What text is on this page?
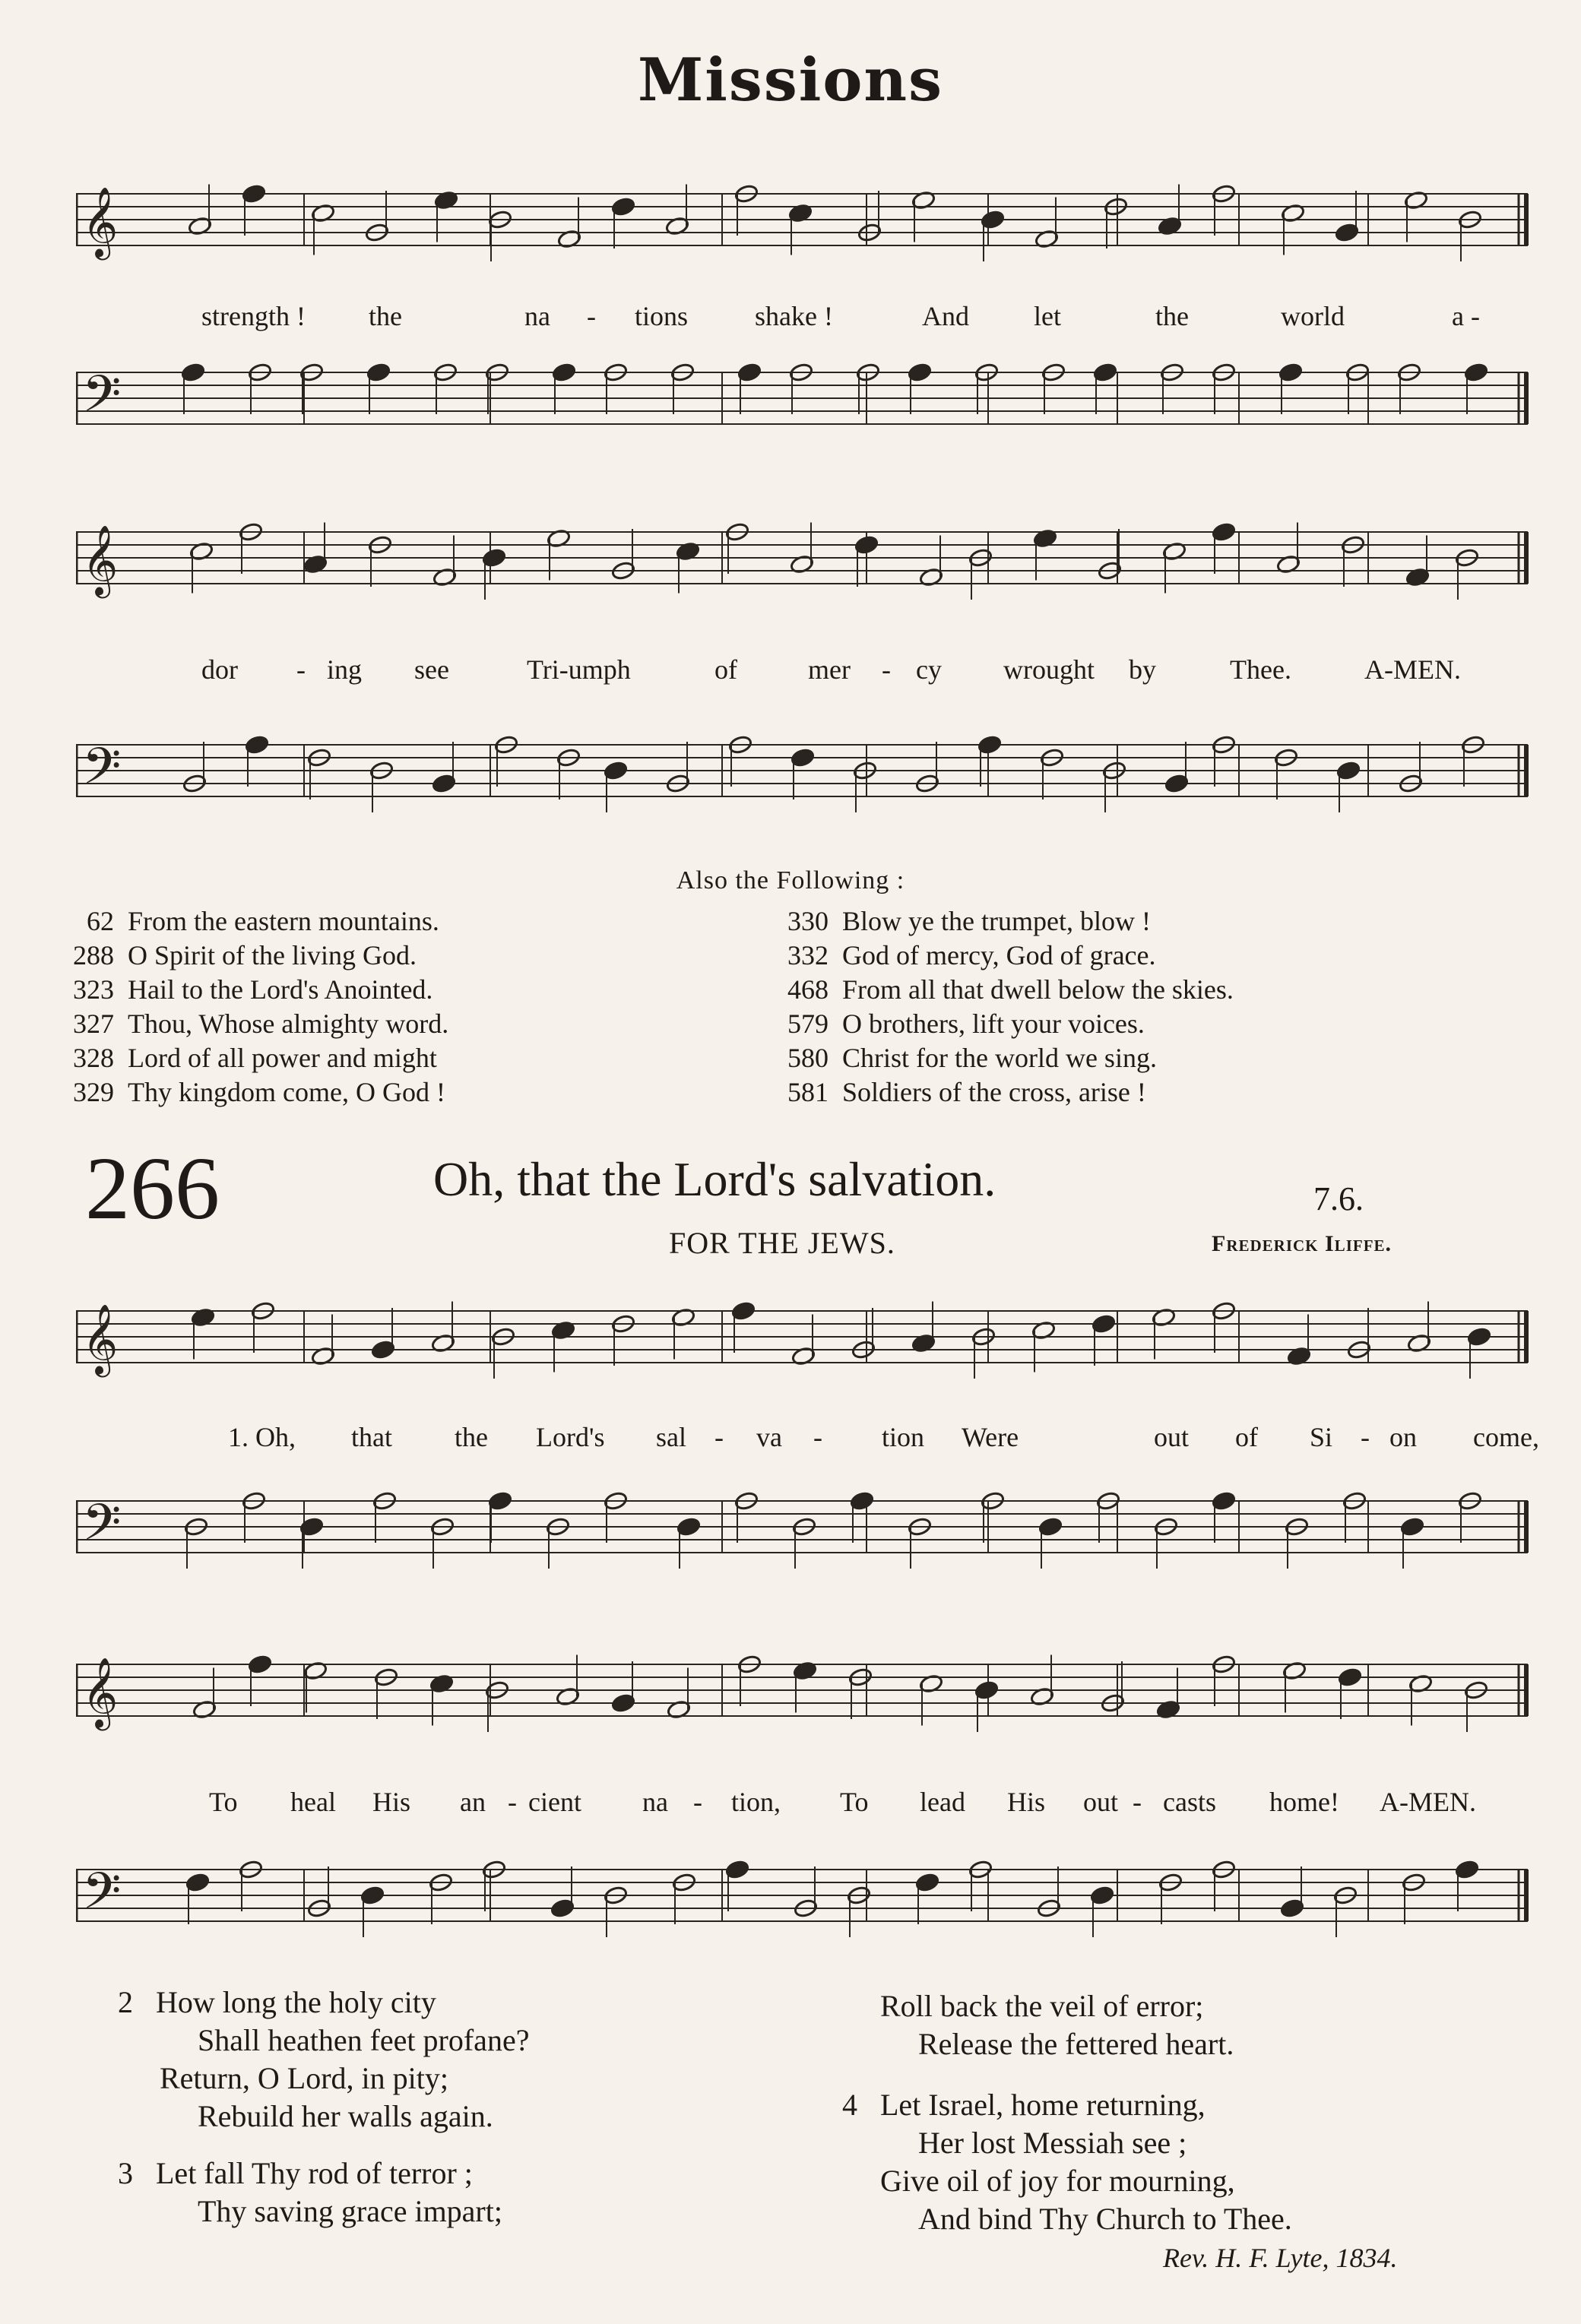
Missions
𝄞
strength ! the	na - tions shake !	And let	the	world	a -
𝄢
𝄞
dor - ing see	Tri-umph	of	mer - cy wrought by	Thee.	A-MEN.
𝄢
Also the Following :
62 From the eastern mountains.
288 O Spirit of the living God.
323 Hail to the Lord's Anointed.
327 Thou, Whose almighty word.
328 Lord of all power and might
329 Thy kingdom come, O God !
330 Blow ye the trumpet, blow !
332 God of mercy, God of grace.
468 From all that dwell below the skies.
579 O brothers, lift your voices.
580 Christ for the world we sing.
581 Soldiers of the cross, arise !
266	Oh, that the Lord's salvation.	7.6.
FOR THE JEWS.	Frederick Iliffe.
𝄞
1. Oh, that the Lord's sal - va - tion Were	out of Si - on come,
𝄢
𝄞
To heal His an - cient na - tion, To lead His out - casts home! A-MEN.
𝄢
2 How long the holy city
Shall heathen feet profane?
Return, O Lord, in pity;
Rebuild her walls again.
3 Let fall Thy rod of terror ;
Thy saving grace impart;
Roll back the veil of error;
Release the fettered heart.
4 Let Israel, home returning,
Her lost Messiah see ;
Give oil of joy for mourning,
And bind Thy Church to Thee.
Rev. H. F. Lyte, 1834.
